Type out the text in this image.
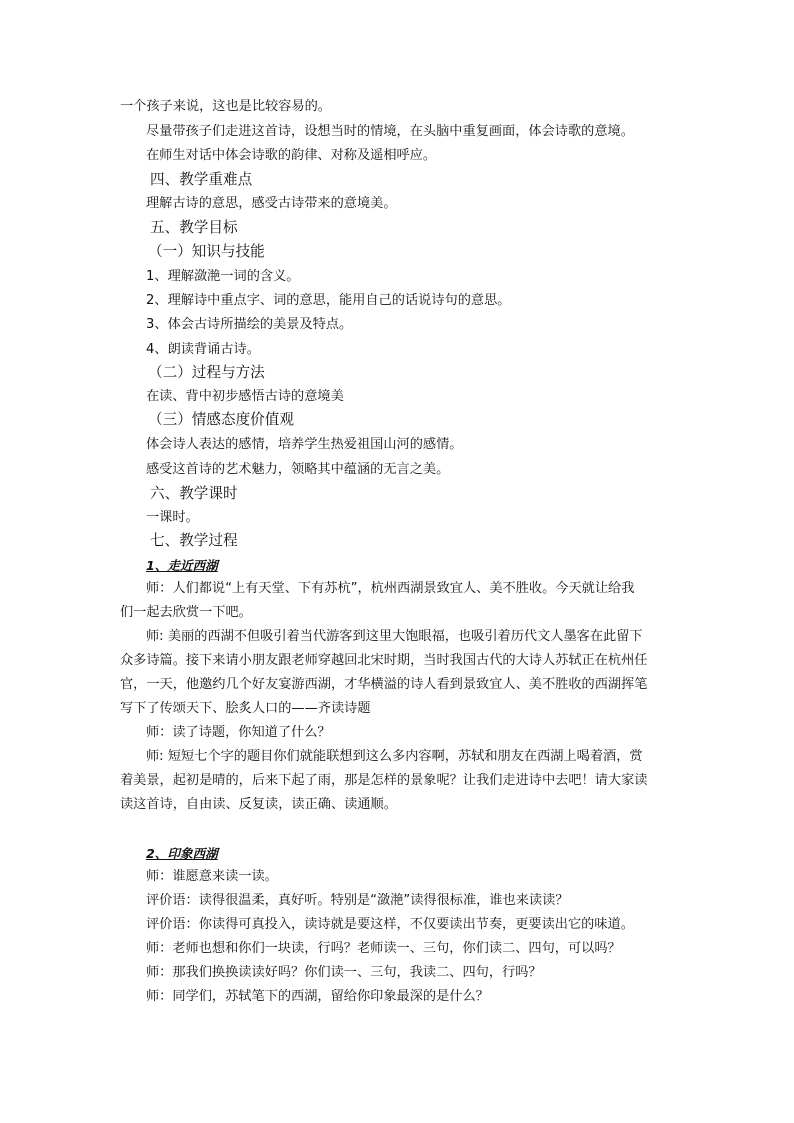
一个孩子来说，这也是比较容易的。
尽量带孩子们走进这首诗，设想当时的情境，在头脑中重复画面，体会诗歌的意境。
在师生对话中体会诗歌的韵律、对称及遥相呼应。
四、教学重难点
理解古诗的意思，感受古诗带来的意境美。
五、教学目标
（一）知识与技能
1、理解潋滟一词的含义。
2、理解诗中重点字、词的意思，能用自己的话说诗句的意思。
3、体会古诗所描绘的美景及特点。
4、朗读背诵古诗。
（二）过程与方法
在读、背中初步感悟古诗的意境美
（三）情感态度价值观
体会诗人表达的感情，培养学生热爱祖国山河的感情。
感受这首诗的艺术魅力，领略其中蕴涵的无言之美。
六、教学课时
一课时。
七、教学过程
1、走近西湖
师：人们都说“上有天堂、下有苏杭”，杭州西湖景致宜人、美不胜收。今天就让给我
们一起去欣赏一下吧。
师: 美丽的西湖不但吸引着当代游客到这里大饱眼福，也吸引着历代文人墨客在此留下
众多诗篇。接下来请小朋友跟老师穿越回北宋时期，当时我国古代的大诗人苏轼正在杭州任
官，一天，他邀约几个好友宴游西湖，才华横溢的诗人看到景致宜人、美不胜收的西湖挥笔
写下了传颂天下、脍炙人口的——齐读诗题
师：读了诗题，你知道了什么？
师: 短短七个字的题目你们就能联想到这么多内容啊，苏轼和朋友在西湖上喝着酒，赏
着美景，起初是晴的，后来下起了雨，那是怎样的景象呢？让我们走进诗中去吧！请大家读
读这首诗，自由读、反复读，读正确、读通顺。
2、印象西湖
师：谁愿意来读一读。
评价语：读得很温柔，真好听。特别是“潋滟”读得很标准，谁也来读读？
评价语：你读得可真投入，读诗就是要这样，不仅要读出节奏，更要读出它的味道。
师：老师也想和你们一块读，行吗？老师读一、三句，你们读二、四句，可以吗？
师：那我们换换读读好吗？你们读一、三句，我读二、四句，行吗？
师：同学们，苏轼笔下的西湖，留给你印象最深的是什么？
